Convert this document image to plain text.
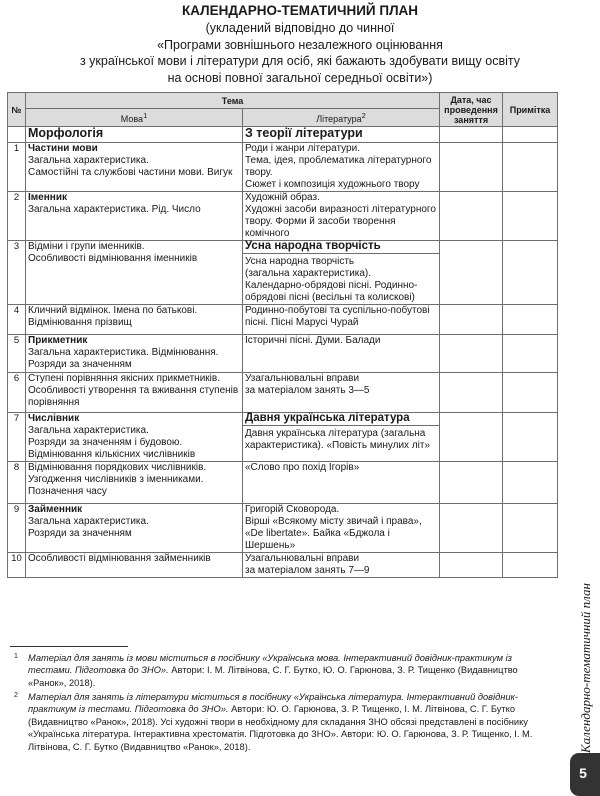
КАЛЕНДАРНО-ТЕМАТИЧНИЙ ПЛАН
(укладений відповідно до чинної
«Програми зовнішнього незалежного оцінювання
з української мови і літератури для осіб, які бажають здобувати вищу освіту
на основі повної загальної середньої освіти»)
№	Тема		Дата, час проведення заняття	Примітка
	Мова$^1$	Література$^2$
	Морфологія	З теорії літератури		
1	Частини мови
Загальна характеристика.
Самостійні та службові частини мови. Вигук	Роди і жанри літератури.
Тема, ідея, проблематика літературного твору.
Сюжет і композиція художнього твору		
2	Іменник
Загальна характеристика. Рід. Число	Художній образ.
Художні засоби виразності літературного твору. Форми й засоби творення комічного		
3	Відміни і групи іменників.
Особливості відмінювання іменників	Усна народна творчість
Усна народна творчість
(загальна характеристика).
Календарно-обрядові пісні. Родинно-обрядові пісні (весільні та колискові)		
4	Кличний відмінок. Імена по батькові.
Відмінювання прізвищ	Родинно-побутові та суспільно-побутові пісні. Пісні Марусі Чурай		
5	Прикметник
Загальна характеристика. Відмінювання.
Розряди за значенням	Історичні пісні. Думи. Балади		
6	Ступені порівняння якісних прикметників.
Особливості утворення та вживання ступенів порівняння	Узагальнювальні вправи
за матеріалом занять 3—5		
7	Числівник
Загальна характеристика.
Розряди за значенням і будовою.
Відмінювання кількісних числівників	Давня українська література
Давня українська література (загальна характеристика). «Повість минулих літ»		
8	Відмінювання порядкових числівників.
Узгодження числівників з іменниками.
Позначення часу	«Слово про похід Ігорів»		
9	Займенник
Загальна характеристика.
Розряди за значенням	Григорій Сковорода.
Вірші «Всякому місту звичай і права»,
«De libertate». Байка «Бджола і Шершень»		
10	Особливості відмінювання займенників	Узагальнювальні вправи
за матеріалом занять 7—9		
1 Матеріал для занять із мови міститься в посібнику «Українська мова. Інтерактивний довідник-практикум із тестами. Підготовка до ЗНО». Автори: І. М. Літвінова, С. Г. Бутко, Ю. О. Гарюнова, З. Р. Тищенко (Видавництво «Ранок», 2018).
2 Матеріал для занять із літератури міститься в посібнику «Українська література. Інтерактивний довідник-практикум із тестами. Підготовка до ЗНО». Автори: Ю. О. Гарюнова, З. Р. Тищенко, І. М. Літвінова, С. Г. Бутко (Видавництво «Ранок», 2018). Усі художні твори в необхідному для складання ЗНО обсязі представлені в посібнику «Українська література. Інтерактивна хрестоматія. Підготовка до ЗНО». Автори: Ю. О. Гарюнова, З. Р. Тищенко, І. М. Літвінова, С. Г. Бутко (Видавництво «Ранок», 2018).	Календарно-тематичний план
5
